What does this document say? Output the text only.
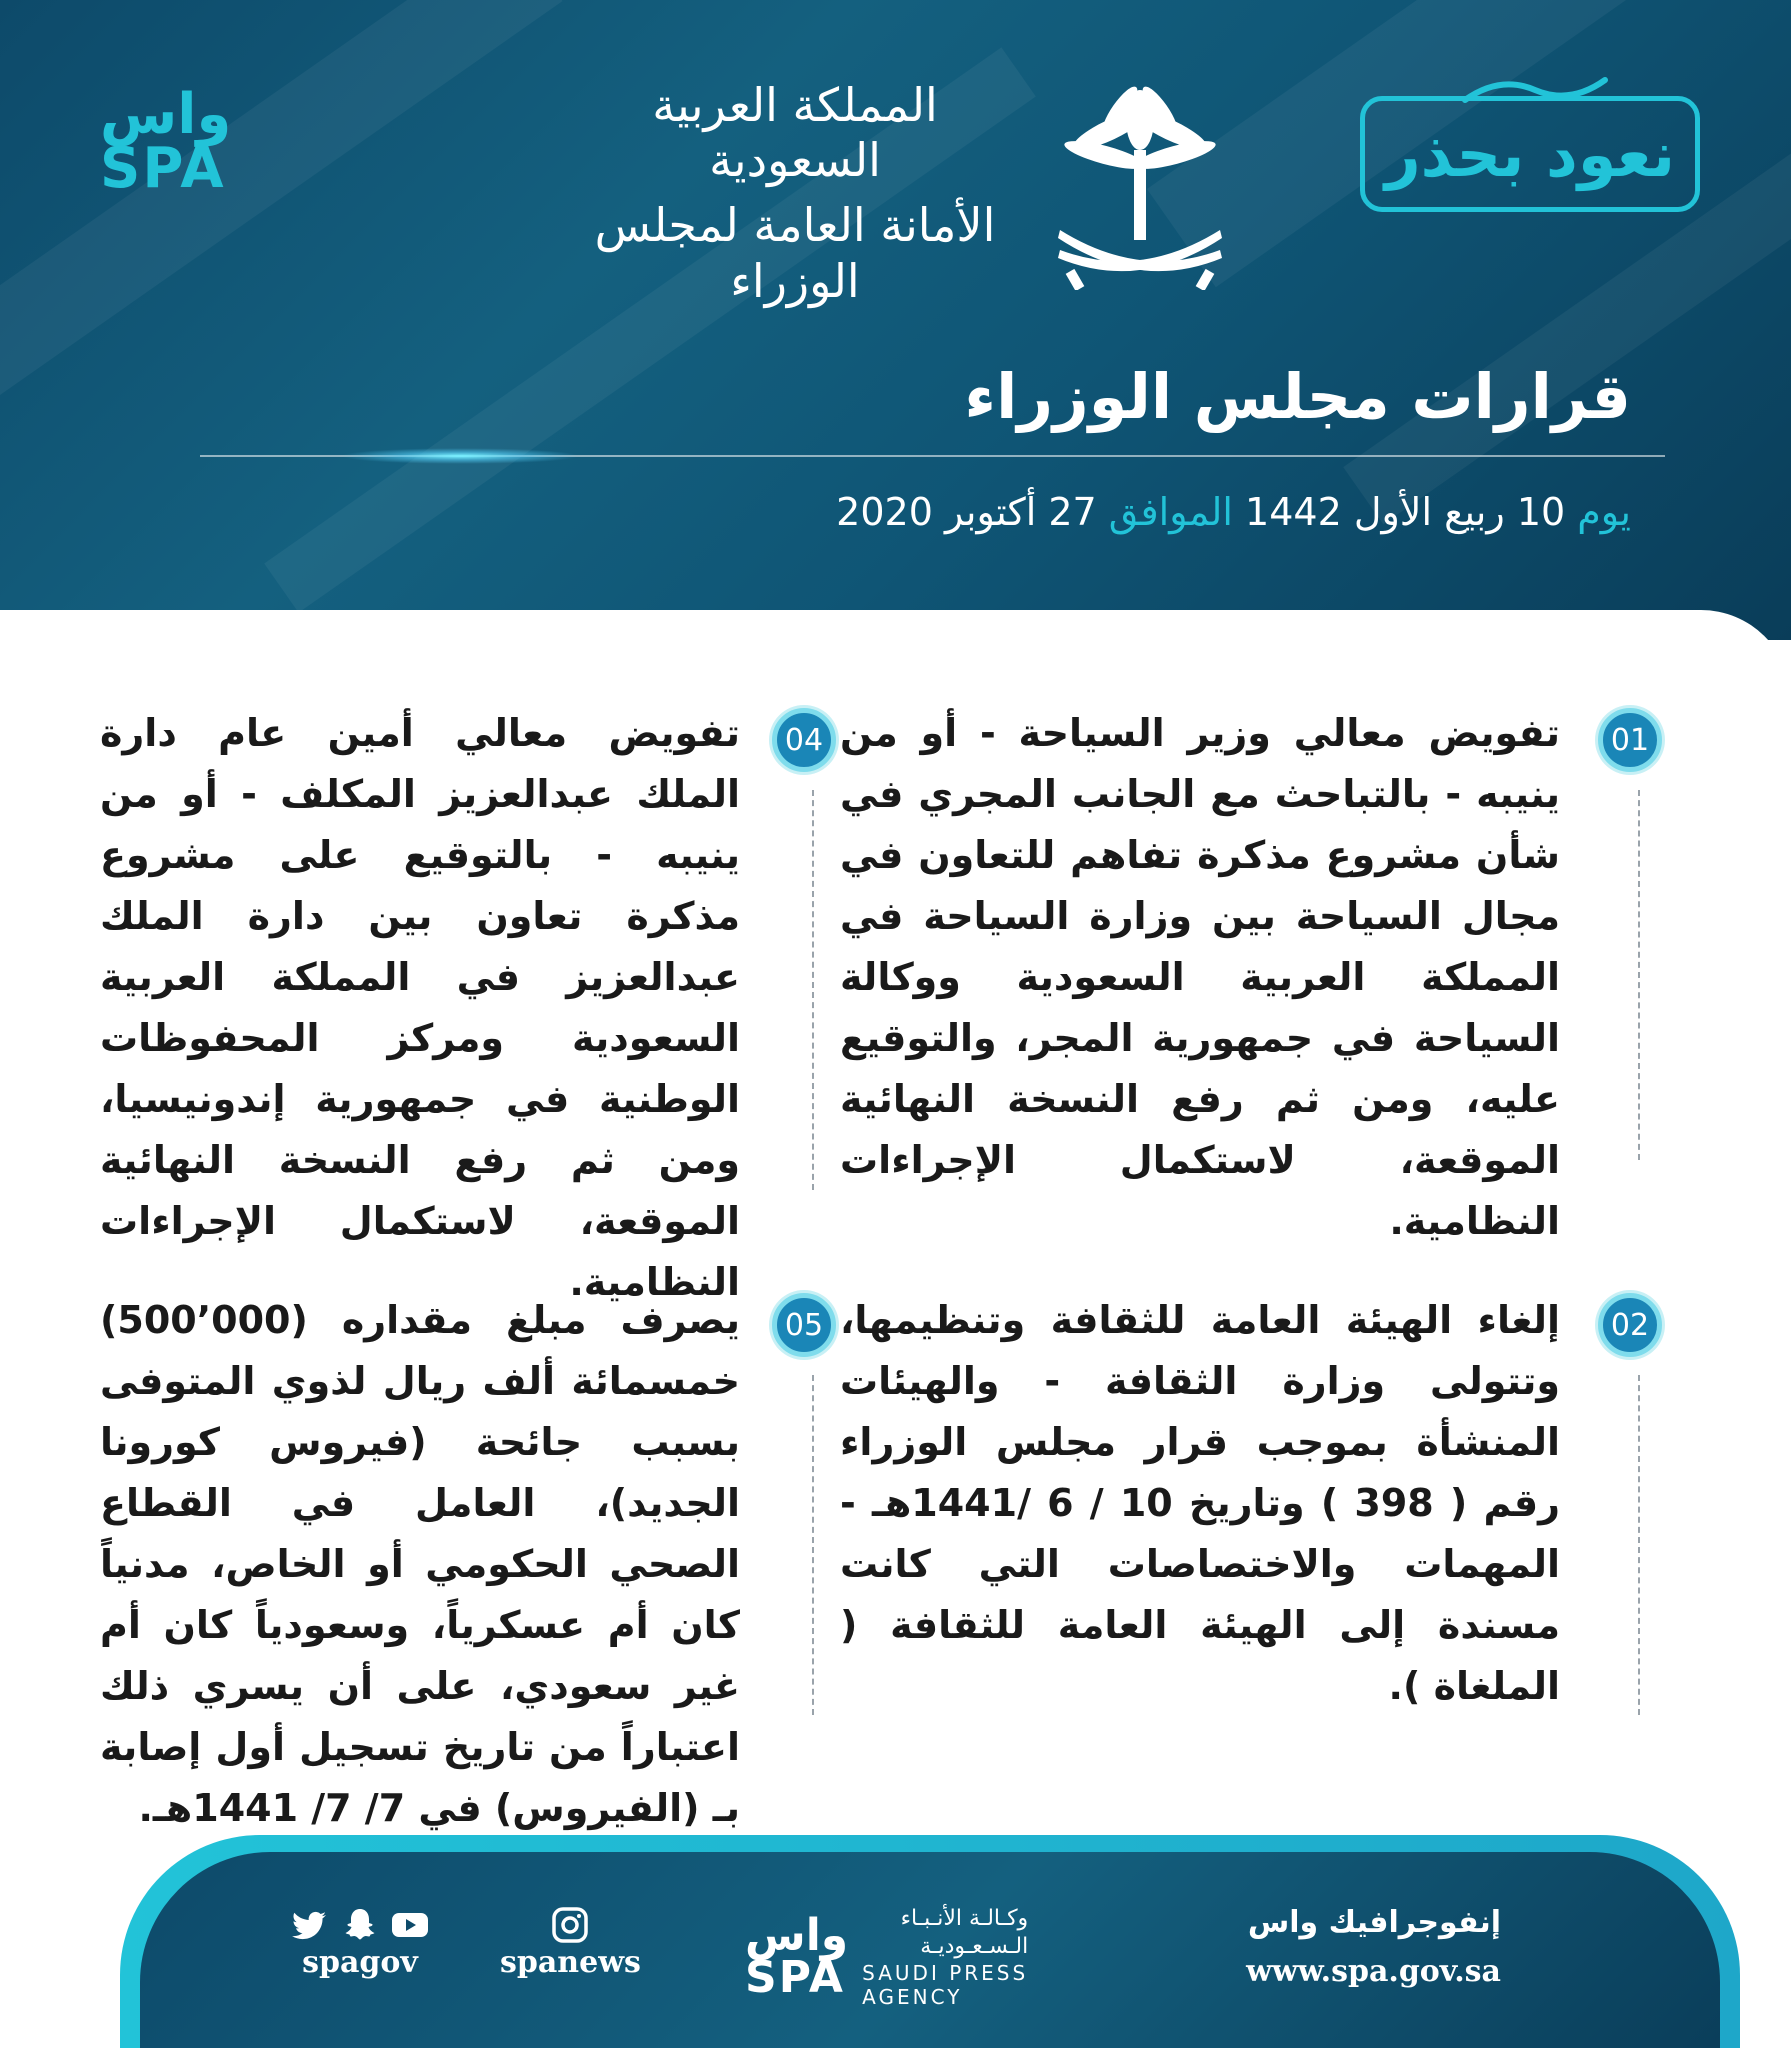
واس
SPA
المملكة العربية السعودية
الأمانة العامة لمجلس الوزراء
نعود بحذر
قرارات مجلس الوزراء
يوم 10 ربيع الأول 1442 الموافق 27 أكتوبر 2020
01
تفويض معالي وزير السياحة - أو من ينيبه - بالتباحث مع الجانب المجري في شأن مشروع مذكرة تفاهم للتعاون في مجال السياحة بين وزارة السياحة في المملكة العربية السعودية ووكالة السياحة في جمهورية المجر، والتوقيع عليه، ومن ثم رفع النسخة النهائية الموقعة، لاستكمال الإجراءات النظامية.
02
إلغاء الهيئة العامة للثقافة وتنظيمها، وتتولى وزارة الثقافة - والهيئات المنشأة بموجب قرار مجلس الوزراء رقم ( 398 ) وتاريخ 10 / 6 /1441هـ - المهمات والاختصاصات التي كانت مسندة إلى الهيئة العامة للثقافة ( الملغاة ).
04
تفويض معالي أمين عام دارة الملك عبدالعزيز المكلف - أو من ينيبه - بالتوقيع على مشروع مذكرة تعاون بين دارة الملك عبدالعزيز في المملكة العربية السعودية ومركز المحفوظات الوطنية في جمهورية إندونيسيا، ومن ثم رفع النسخة النهائية الموقعة، لاستكمال الإجراءات النظامية.
05
يصرف مبلغ مقداره (500٬000) خمسمائة ألف ريال لذوي المتوفى بسبب جائحة (فيروس كورونا الجديد)، العامل في القطاع الصحي الحكومي أو الخاص، مدنياً كان أم عسكرياً، وسعودياً كان أم غير سعودي، على أن يسري ذلك اعتباراً من تاريخ تسجيل أول إصابة بـ (الفيروس) في 7/ 7/ 1441هـ.
spagov	spanews
واس
SPA
وكـالـة الأنـبـاء
الـسـعـوديـة
SAUDI PRESS
AGENCY
إنفوجرافيك واس
www.spa.gov.sa
